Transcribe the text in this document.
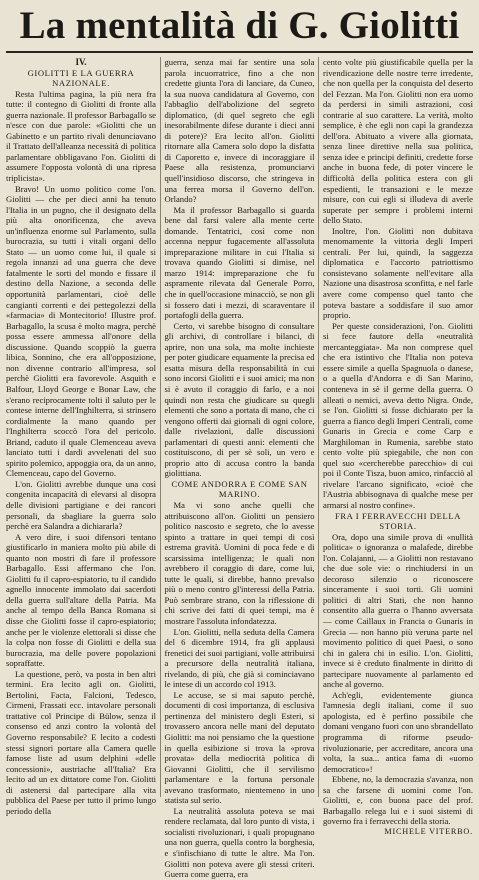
La mentalità di G. Giolitti

IV.

GIOLITTI E LA GUERRA NAZIONALE.

Resta l'ultima pagina, la più nera fra tutte: il contegno di Giolitti di fronte alla guerra nazionale. Il professor Barbagallo se n'esce con due parole: «Giolitti che un Gabinetto e un partito rivali denunciavano il Trattato dell'alleanza necessità di politica parlamentare obbligavano l'on. Giolitti di assumere l'opposta volontà di una ripresa triplicista».

Bravo! Un uomo politico come l'on. Giolitti — che per dieci anni ha tenuto l'Italia in un pugno, che il designato della più alta onorificenza, che aveva un'influenza enorme sul Parlamento, sulla burocrazia, su tutti i vitali organi dello Stato — un uomo come lui, il quale si regola innanzi ad una guerra che deve fatalmente le sorti del mondo e fissare il destino della Nazione, a seconda delle opportunità parlamentari, cioè delle cangianti correnti e dei pettegolezzi della «farmacia» di Montecitorio! Illustre prof. Barbagallo, la scusa è molto magra, perchè possa essere ammessa all'onore della discussione. Quando scoppiò la guerra libica, Sonnino, che era all'opposizione, non divenne contrario all'impresa, sol perchè Giolitti era favorevole. Asquith e Balfour, Lloyd George e Bonar Law, che s'erano reciprocamente tolti il saluto per le contese interne dell'Inghilterra, si strinsero cordialmente la mano quando per l'Inghilterra scoccò l'ora del pericolo. Briand, caduto il quale Clemenceau aveva lanciato tutti i dardi avvelenati del suo spirito polemico, appoggia ora, da un anno, Clemenceau, capo del Governo.

L'on. Giolitti avrebbe dunque una così congenita incapacità di elevarsi al disopra delle divisioni partigiane e dei rancori personali, da sbagliare la guerra solo perchè era Salandra a dichiararla?

A vero dire, i suoi difensori tentano giustificarlo in maniera molto più abile di quanto non mostri di fare il professore Barbagallo. Essi affermano che l'on. Giolitti fu il capro-espiatorio, tu il candido agnello innocente immolato dai sacerdoti della guerra sull'altare della Patria. Ma anche al tempo della Banca Romana si disse che Giolitti fosse il capro-espiatorio; anche per le violenze elettorali si disse che la colpa non fosse di Giolitti e della sua burocrazia, ma delle povere popolazioni sopraffatte.

La questione, però, va posta in ben altri termini. Era lecito agli on. Giolitti, Bertolini, Facta, Falcioni, Tedesco, Cirmeni, Frassati ecc. intavolare personali trattative col Principe di Bülow, senza il consenso ed anzi contro la volontà del Governo responsabile? E lecito a codesti stessi signori portare alla Camera quelle famose liste ad usum delphini «delle concessioni», austriache all'Italia? Era lecito ad un ex dittatore come l'on. Giolitti di astenersi dal partecipare alla vita pubblica del Paese per tutto il primo lungo periodo della

guerra, senza mai far sentire una sola parola incuorratrice, fino a che non credette giunta l'ora di lanciare, da Cuneo, la sua nuova candidatura al Governo, con l'abbaglio dell'abolizione del segreto diplomatico, (di quel segreto che egli inesorabilmente difese durante i dieci anni di potere)? Era lecito all'on. Giolitti ritornare alla Camera solo dopo la disfatta di Caporetto e, invece di incoraggiare il Paese alla resistenza, promunciarvi quell'insidioso discorso, che stringeva in una ferrea morsa il Governo dell'on. Orlando?

Ma il professor Barbagallo si guarda bene dal farsi valere alla mente certe domande. Tentatrici, così come non accenna neppur fugacemente all'assoluta impreparazione militare in cui l'Italia si trovava quando Giolitti si dimise, nel marzo 1914: impreparazione che fu aspramente rilevata dal Generale Porro, che in quell'occasione minacciò, se non gli si fossero dati i mezzi, di scaraventare il portafogli della guerra.

Certo, vi sarebbe bisogno di consultare gli archivi, di controllare i bilanci, di aprire, non una sola, ma molte inchieste per poter giudicare equamente la precisa ed esatta misura della responsabilità in cui sono incorsi Giolitti e i suoi amici; ma non si è avuto il coraggio di farlo, e a noi quindi non resta che giudicare su quegli elementi che sono a portata di mano, che ci vengono offerti dai giornali di ogni colore, dalle rivelazioni, dalle discussioni parlamentari di questi anni: elementi che costituiscono, di per sè soli, un vero e proprio atto di accusa contro la banda giolittiana.

COME ANDORRA E COME SAN MARINO.

Ma vi sono anche quelli che attribuiscono all'on. Giolitti un pensiero politico nascosto e segreto, che lo avesse spinto a trattare in quei tempi di così estrema gravità. Uomini di poca fede e di scarsissima intelligenza; le quali non avrebbero il coraggio di dare, come lui, tutte le quali, si direbbe, hanno prevalso più o meno contro gl'interessi della Patria. Può sembrare strano, con la riflessione di chi scrive dei fatti di quei tempi, ma è mostrare l'assoluta infondatezza.

L'on. Giolitti, nella seduta della Camera del 6 dicembre 1914, fra gli applausi frenetici dei suoi partigiani, volle attribuirsi a precursore della neutralità italiana, rivelando, di più, che già si cominciavano le intese di un accordo col 1913.

Le accuse, se si mai saputo perchè, documenti di così importanza, di esclusiva pertinenza del ministero degli Esteri, si trovassero ancora nelle mani del deputato Giolitti: ma noi pensiamo che la questione in quella esibizione si trova la «prova provata» della mediocrità politica di Giovanni Giolitti, che il servilismo parlamentare e la fortuna personale avevano trasformato, nientemeno in uno statista sul serio.

La neutralità assoluta poteva se mai rendere reclamata, dal loro punto di vista, i socialisti rivoluzionari, i quali propugnano una non guerra, quella contro la borghesia, e s'infischiano di tutte le altre. Ma l'on. Giolitti non poteva avere gli stessi criteri. Guerra come guerra, era

cento volte più giustificabile quella per la rivendicazione delle nostre terre irredente, che non quella per la conquista del deserto del Fezzan. Ma l'on. Giolitti non era uomo da perdersi in simili astrazioni, così contrarie al suo carattere. La verità, molto semplice, è che egli non capì la grandezza dell'ora. Abituato a vivere alla giornata, senza linee direttive nella sua politica, senza idee e principi definiti, credette forse anche in buona fede, di poter vincere le difficoltà della politica estera con gli espedienti, le transazioni e le mezze misure, con cui egli si illudeva di averle superate per sempre i problemi interni dello Stato.

Inoltre, l'on. Giolitti non dubitava menomamente la vittoria degli Imperi centrali. Per lui, quindi, la saggezza diplomatica e l'accorto patriottismo consistevano solamente nell'evitare alla Nazione una disastrosa sconfitta, e nel farle avere come compenso quel tanto che poteva bastare a soddisfare il suo amor proprio.

Per queste considerazioni, l'on. Giolitti si fece fautore della «neutralità mercanteggiata». Ma non comprese quel che era istintivo che l'Italia non poteva essere simile a quella Spagnuola o danese, o a quella d'Andorra e di San Marino, conteneva in sè il germe della guerra. O alleati o nemici, aveva detto Nigra. Onde, se l'on. Giolitti si fosse dichiarato per la guerra a fianco degli Imperi Centrali, come Gunaris in Grecia e come Carp e Marghiloman in Rumenia, sarebbe stato cento volte più spiegabile, che non con quel suo «cercherebbe parecchio» di cui poi il Conte Tisza, buon amico, rinfacciò al rivelare l'arcano significato, «cioè che l'Austria abbisognava di qualche mese per armarsi al nostro confine».

FRA I FERRAVECCHI DELLA STORIA.

Ora, dopo una simile prova di «nullità politica» o ignoranza o malafede, direbbe l'on. Colajanni, — a Giolitti non restavano che due sole vie: o rinchiudersi in un decoroso silenzio o riconoscere sinceramente i suoi torti. Gli uomini politici di altri Stati, che non hanno consentito alla guerra o l'hanno avversata — come Caillaux in Francia o Gunaris in Grecia — non hanno più veruna parte nel movimento politico di quei Paesi, o sono chi in galera chi in esilio. L'on. Giolitti, invece si è creduto finalmente in diritto di partecipare nuovamente al parlamento ed anche al governo.

Ach'egli, evidentemente giunca l'amnesia degli italiani, come il suo apologista, ed è perfino possibile che domani vengano fuori con uno sbrandellato programma di riforme pseudo-rivoluzionarie, per accreditare, ancora una volta, la sua... antica fama di «uomo democratico»!

Ebbene, no, la democrazia s'avanza, non sa che farsene di uomini come l'on. Giolitti, e, con buona pace del prof. Barbagallo relega lui e i suoi sistemi di governo fra i ferravecchi della storia.

MICHELE VITERBO.
